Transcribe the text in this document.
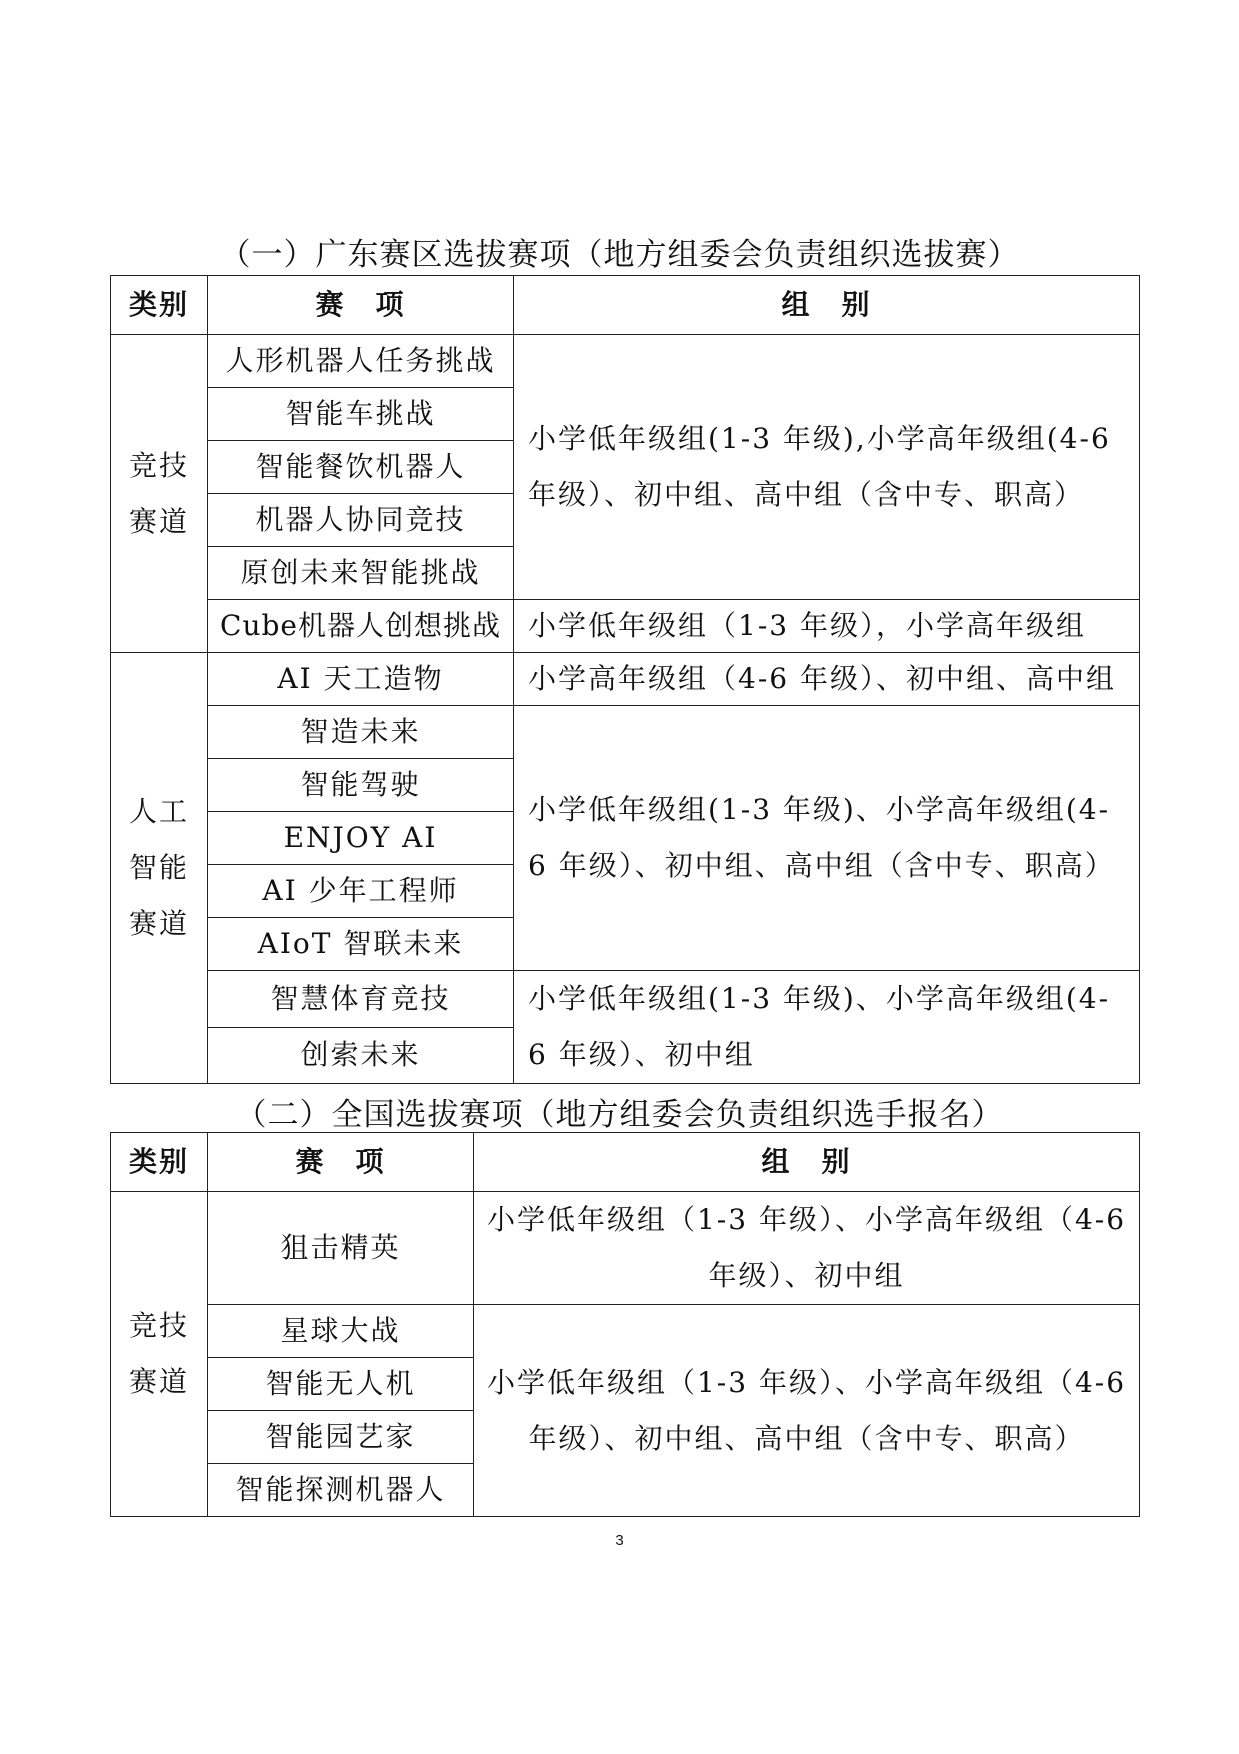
（一）广东赛区选拔赛项（地方组委会负责组织选拔赛）
类别	赛　项	组　别
竞技
赛道	人形机器人任务挑战	小学低年级组(1-3 年级),小学高年级组(4-6 年级）、初中组、高中组（含中专、职高）
	智能车挑战	
	智能餐饮机器人	
	机器人协同竞技	
	原创未来智能挑战	
	Cube机器人创想挑战	小学低年级组（1-3 年级），小学高年级组
人工
智能
赛道	AI 天工造物	小学高年级组（4-6 年级）、初中组、高中组
	智造未来	小学低年级组(1-3 年级)、小学高年级组(4-6 年级）、初中组、高中组（含中专、职高）
	智能驾驶	
	ENJOY AI	
	AI 少年工程师	
	AIoT 智联未来	
	智慧体育竞技	小学低年级组(1-3 年级)、小学高年级组(4-6 年级）、初中组
	创索未来	
（二）全国选拔赛项（地方组委会负责组织选手报名）
类别	赛　项	组　别
竞技
赛道	狙击精英	小学低年级组（1-3 年级）、小学高年级组（4-6 年级）、初中组
	星球大战	小学低年级组（1-3 年级）、小学高年级组（4-6 年级）、初中组、高中组（含中专、职高）
	智能无人机	
	智能园艺家	
	智能探测机器人	
3
